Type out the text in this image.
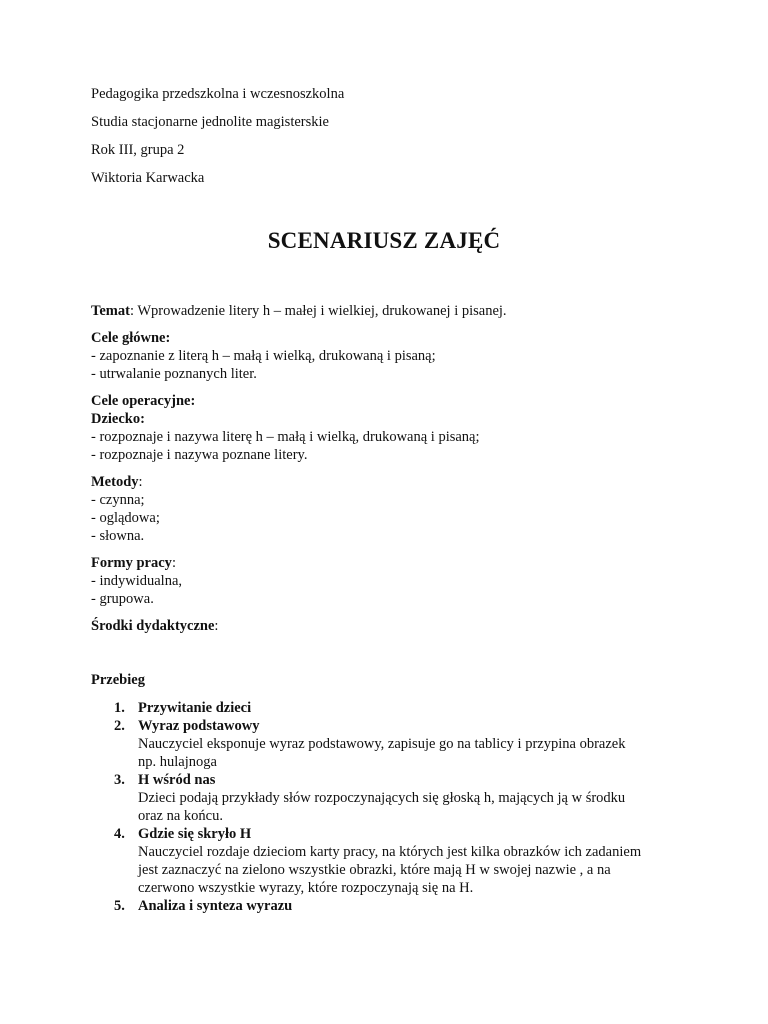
Pedagogika przedszkolna i wczesnoszkolna

Studia stacjonarne jednolite magisterskie

Rok III, grupa 2

Wiktoria Karwacka

SCENARIUSZ ZAJĘĆ
Temat: Wprowadzenie litery h – małej i wielkiej, drukowanej i pisanej.
Cele główne:
- zapoznanie z literą h – małą i wielką, drukowaną i pisaną;
- utrwalanie poznanych liter.
Cele operacyjne:
Dziecko:
- rozpoznaje i nazywa literę h – małą i wielką, drukowaną i pisaną;
- rozpoznaje i nazywa poznane litery.
Metody:
- czynna;
- oglądowa;
- słowna.
Formy pracy:
- indywidualna,
- grupowa.
Środki dydaktyczne:
Przebieg
1. Przywitanie dzieci
2. Wyraz podstawowy
Nauczyciel eksponuje wyraz podstawowy, zapisuje go na tablicy i przypina obrazek
np. hulajnoga
3. H wśród nas
Dzieci podają przykłady słów rozpoczynających się głoską h, mających ją w środku
oraz na końcu.
4. Gdzie się skryło H
Nauczyciel rozdaje dzieciom karty pracy, na których jest kilka obrazków ich zadaniem
jest zaznaczyć na zielono wszystkie obrazki, które mają H w swojej nazwie , a na
czerwono wszystkie wyrazy, które rozpoczynają się na H.
5. Analiza i synteza wyrazu
